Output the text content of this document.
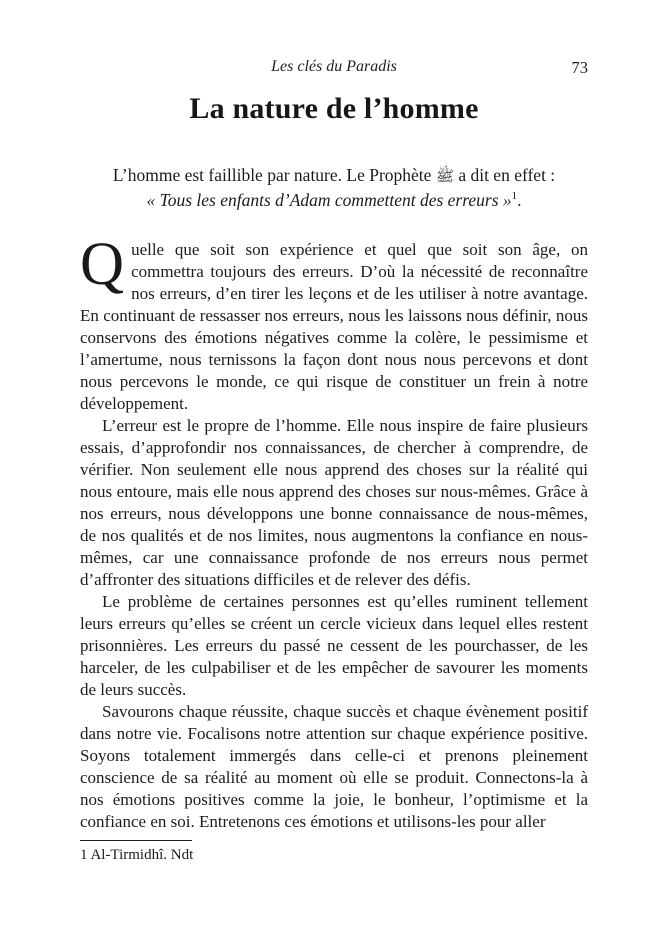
Les clés du Paradis	73
La nature de l’homme
L’homme est faillible par nature. Le Prophète ﷺ a dit en effet :
« Tous les enfants d’Adam commettent des erreurs »$^1$.

Quelle que soit son expérience et quel que soit son âge, on commettra toujours des erreurs. D’où la nécessité de reconnaître nos erreurs, d’en tirer les leçons et de les utiliser à notre avantage. En continuant de ressasser nos erreurs, nous les laissons nous définir, nous conservons des émotions négatives comme la colère, le pessimisme et l’amertume, nous ternissons la façon dont nous nous percevons et dont nous percevons le monde, ce qui risque de constituer un frein à notre développement.

L’erreur est le propre de l’homme. Elle nous inspire de faire plusieurs essais, d’approfondir nos connaissances, de chercher à comprendre, de vérifier. Non seulement elle nous apprend des choses sur la réalité qui nous entoure, mais elle nous apprend des choses sur nous-mêmes. Grâce à nos erreurs, nous développons une bonne connaissance de nous-mêmes, de nos qualités et de nos limites, nous augmentons la confiance en nous-mêmes, car une connaissance profonde de nos erreurs nous permet d’affronter des situations difficiles et de relever des défis.

Le problème de certaines personnes est qu’elles ruminent tellement leurs erreurs qu’elles se créent un cercle vicieux dans lequel elles restent prisonnières. Les erreurs du passé ne cessent de les pourchasser, de les harceler, de les culpabiliser et de les empêcher de savourer les moments de leurs succès.

Savourons chaque réussite, chaque succès et chaque évènement positif dans notre vie. Focalisons notre attention sur chaque expérience positive. Soyons totalement immergés dans celle-ci et prenons pleinement conscience de sa réalité au moment où elle se produit. Connectons-la à nos émotions positives comme la joie, le bonheur, l’optimisme et la confiance en soi. Entretenons ces émotions et utilisons-les pour aller

1 Al-Tirmidhî. Ndt
